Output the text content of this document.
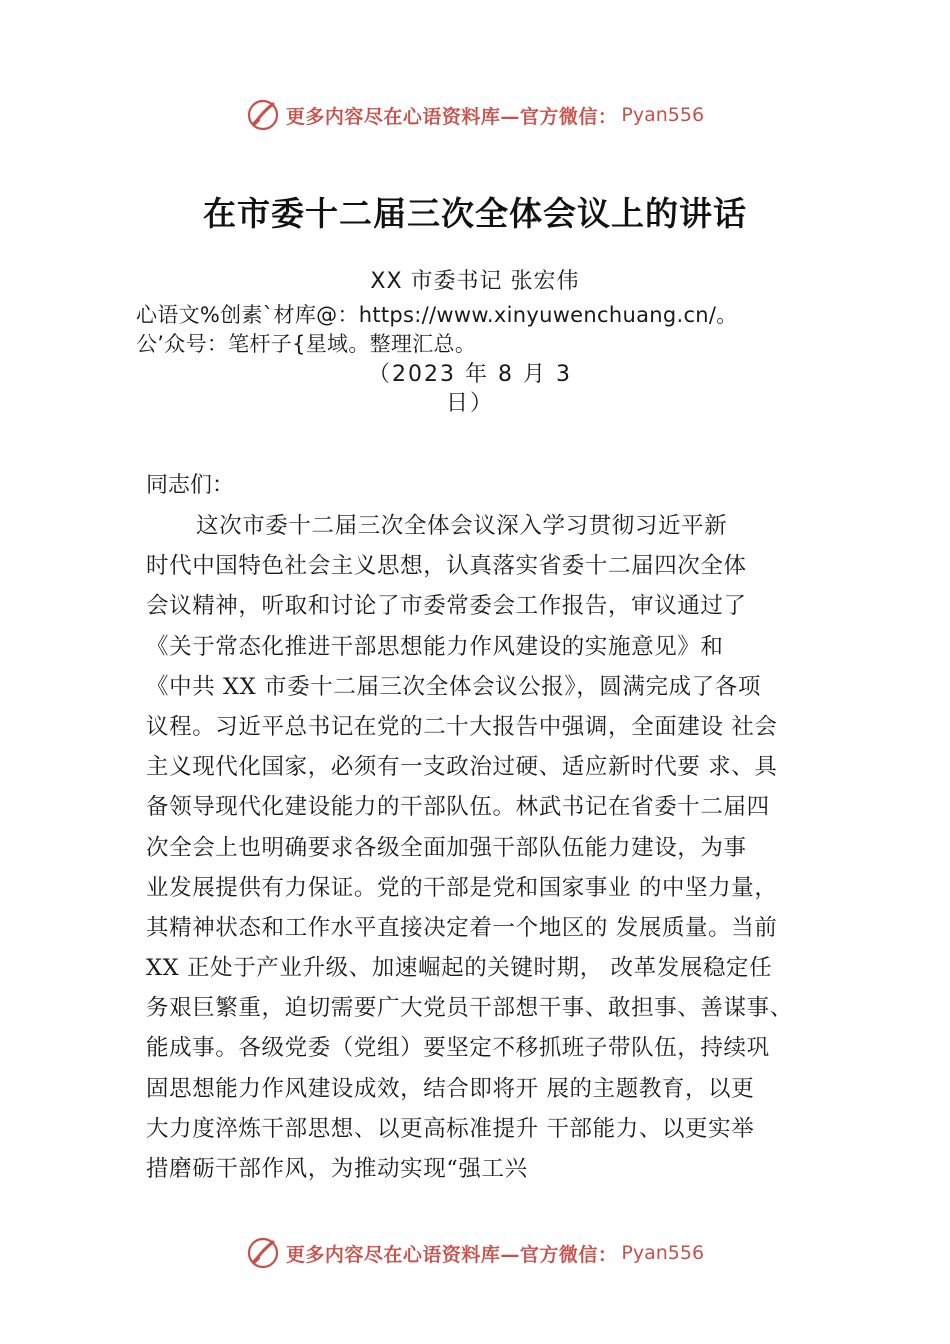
更多内容尽在心语资料库—官方微信： Pyan556
在市委十二届三次全体会议上的讲话
XX 市委书记 张宏伟
心语文%创素`材库@：https://www.xinyuwenchuang.cn/。
公’众号：笔杆子{星域。整理汇总。
（2023 年 8 月 3
日）
同志们：
这次市委十二届三次全体会议深入学习贯彻习近平新
时代中国特色社会主义思想，认真落实省委十二届四次全体
会议精神，听取和讨论了市委常委会工作报告，审议通过了
《关于常态化推进干部思想能力作风建设的实施意见》和
《中共 XX 市委十二届三次全体会议公报》，圆满完成了各项
议程。习近平总书记在党的二十大报告中强调，全面建设 社会
主义现代化国家，必须有一支政治过硬、适应新时代要 求、具
备领导现代化建设能力的干部队伍。林武书记在省委十二届四
次全会上也明确要求各级全面加强干部队伍能力建设，为事
业发展提供有力保证。党的干部是党和国家事业 的中坚力量，
其精神状态和工作水平直接决定着一个地区的 发展质量。当前
XX 正处于产业升级、加速崛起的关键时期， 改革发展稳定任
务艰巨繁重，迫切需要广大党员干部想干事、敢担事、善谋事、
能成事。各级党委（党组）要坚定不移抓班子带队伍，持续巩
固思想能力作风建设成效，结合即将开 展的主题教育，以更
大力度淬炼干部思想、以更高标准提升 干部能力、以更实举
措磨砺干部作风，为推动实现“强工兴
更多内容尽在心语资料库—官方微信： Pyan556
